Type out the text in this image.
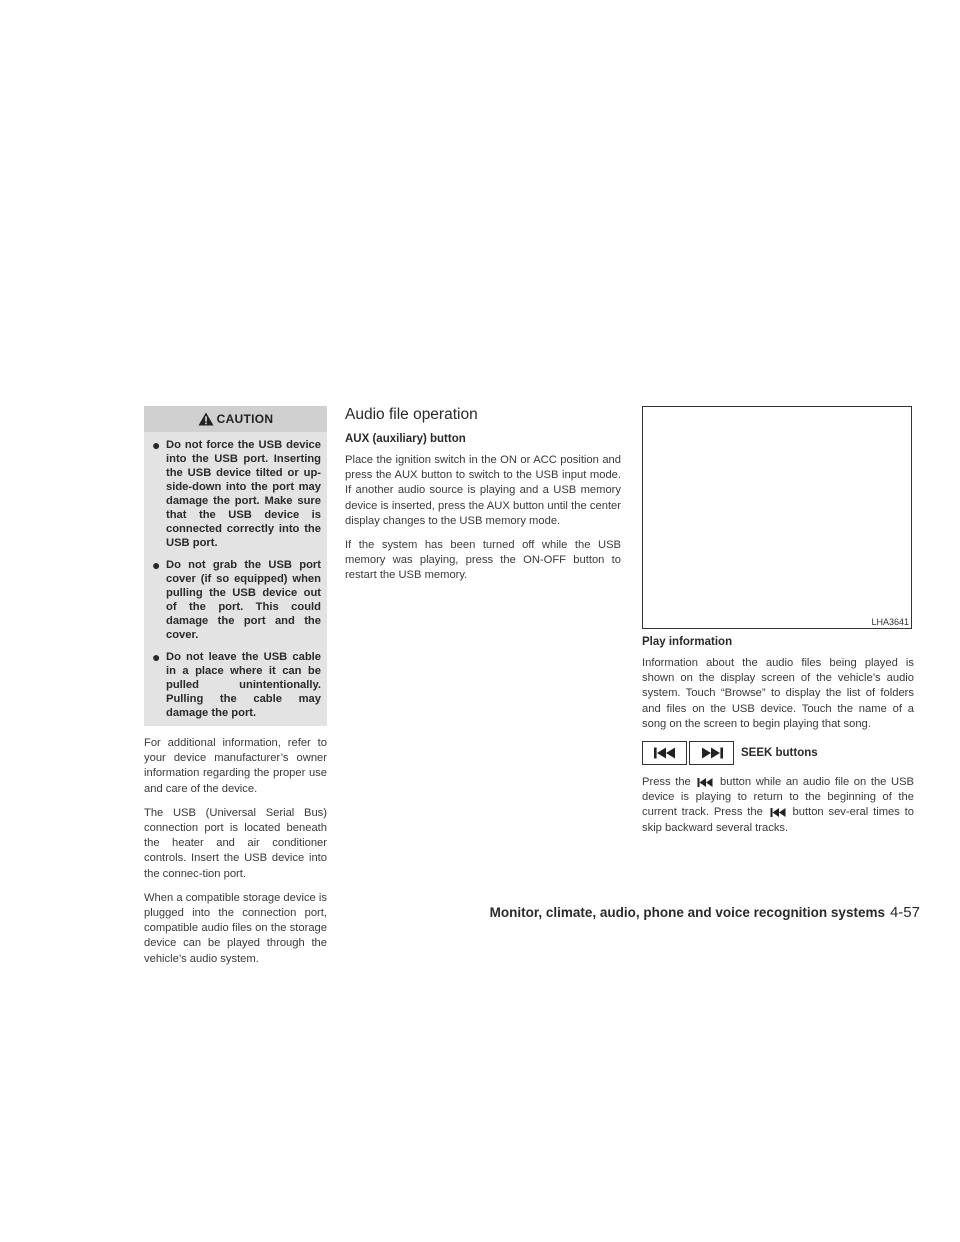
CAUTION
● Do not force the USB device into the USB port. Inserting the USB device tilted or up-side-down into the port may damage the port. Make sure that the USB device is connected correctly into the USB port.
● Do not grab the USB port cover (if so equipped) when pulling the USB device out of the port. This could damage the port and the cover.
● Do not leave the USB cable in a place where it can be pulled unintentionally. Pulling the cable may damage the port.

For additional information, refer to your device manufacturer’s owner information regarding the proper use and care of the device.

The USB (Universal Serial Bus) connection port is located beneath the heater and air conditioner controls. Insert the USB device into the connec-tion port.

When a compatible storage device is plugged into the connection port, compatible audio files on the storage device can be played through the vehicle’s audio system.

Audio file operation
AUX (auxiliary) button

Place the ignition switch in the ON or ACC position and press the AUX button to switch to the USB input mode. If another audio source is playing and a USB memory device is inserted, press the AUX button until the center display changes to the USB memory mode.

If the system has been turned off while the USB memory was playing, press the ON-OFF button to restart the USB memory.

LHA3641
Play information

Information about the audio files being played is shown on the display screen of the vehicle’s audio system. Touch “Browse” to display the list of folders and files on the USB device. Touch the name of a song on the screen to begin playing that song.

SEEK buttons

Press the	button while an audio file on the USB device is playing to return to the beginning of the current track. Press the	button sev-eral times to skip backward several tracks.

Monitor, climate, audio, phone and voice recognition systems 4-57
